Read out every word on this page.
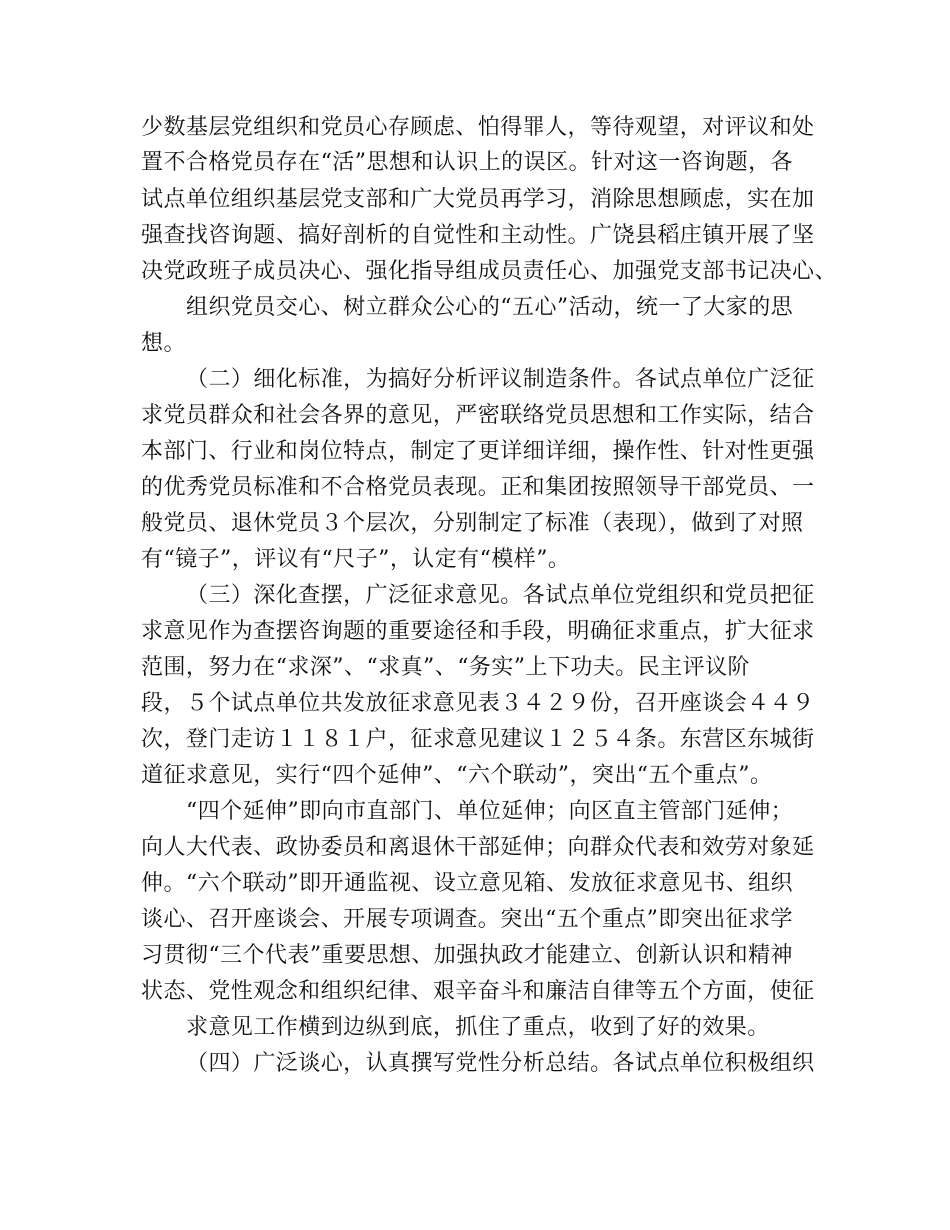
少数基层党组织和党员心存顾虑、怕得罪人，等待观望，对评议和处
置不合格党员存在“活”思想和认识上的误区。针对这一咨询题，各
试点单位组织基层党支部和广大党员再学习，消除思想顾虑，实在加
强查找咨询题、搞好剖析的自觉性和主动性。广饶县稻庄镇开展了坚
决党政班子成员决心、强化指导组成员责任心、加强党支部书记决心、
组织党员交心、树立群众公心的“五心”活动，统一了大家的思
想。
（二）细化标准，为搞好分析评议制造条件。各试点单位广泛征
求党员群众和社会各界的意见，严密联络党员思想和工作实际，结合
本部门、行业和岗位特点，制定了更详细详细，操作性、针对性更强
的优秀党员标准和不合格党员表现。正和集团按照领导干部党员、一
般党员、退休党员３个层次，分别制定了标准（表现），做到了对照
有“镜子”，评议有“尺子”，认定有“模样”。
（三）深化查摆，广泛征求意见。各试点单位党组织和党员把征
求意见作为查摆咨询题的重要途径和手段，明确征求重点，扩大征求
范围，努力在“求深”、“求真”、“务实”上下功夫。民主评议阶
段，５个试点单位共发放征求意见表３４２９份，召开座谈会４４９
次，登门走访１１８１户，征求意见建议１２５４条。东营区东城街
道征求意见，实行“四个延伸”、“六个联动”，突出“五个重点”。
“四个延伸”即向市直部门、单位延伸；向区直主管部门延伸；
向人大代表、政协委员和离退休干部延伸；向群众代表和效劳对象延
伸。“六个联动”即开通监视、设立意见箱、发放征求意见书、组织
谈心、召开座谈会、开展专项调查。突出“五个重点”即突出征求学
习贯彻“三个代表”重要思想、加强执政才能建立、创新认识和精神
状态、党性观念和组织纪律、艰辛奋斗和廉洁自律等五个方面，使征
求意见工作横到边纵到底，抓住了重点，收到了好的效果。
（四）广泛谈心，认真撰写党性分析总结。各试点单位积极组织
